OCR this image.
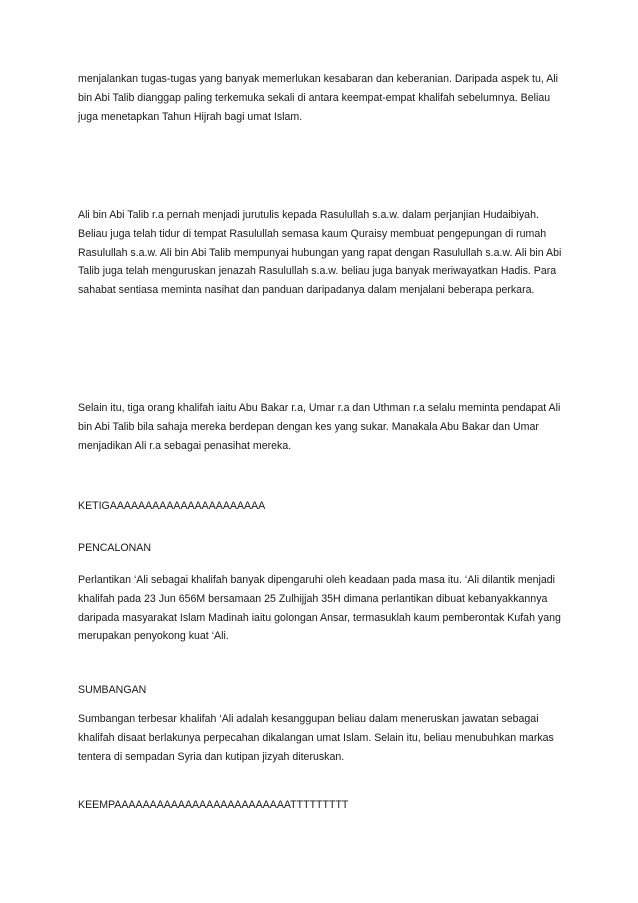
menjalankan tugas-tugas yang banyak memerlukan kesabaran dan keberanian. Daripada aspek tu, Ali bin Abi Talib dianggap paling terkemuka sekali di antara keempat-empat khalifah sebelumnya. Beliau juga menetapkan Tahun Hijrah bagi umat Islam.

Ali bin Abi Talib r.a pernah menjadi jurutulis kepada Rasulullah s.a.w. dalam perjanjian Hudaibiyah. Beliau juga telah tidur di tempat Rasulullah semasa kaum Quraisy membuat pengepungan di rumah Rasulullah s.a.w. Ali bin Abi Talib mempunyai hubungan yang rapat dengan Rasulullah s.a.w. Ali bin Abi Talib juga telah menguruskan jenazah Rasulullah s.a.w. beliau juga banyak meriwayatkan Hadis. Para sahabat sentiasa meminta nasihat dan panduan daripadanya dalam menjalani beberapa perkara.

Selain itu, tiga orang khalifah iaitu Abu Bakar r.a, Umar r.a dan Uthman r.a selalu meminta pendapat Ali bin Abi Talib bila sahaja mereka berdepan dengan kes yang sukar. Manakala Abu Bakar dan Umar menjadikan Ali r.a sebagai penasihat mereka.

KETIGAAAAAAAAAAAAAAAAAAAAAA

PENCALONAN

Perlantikan ‘Ali sebagai khalifah banyak dipengaruhi oleh keadaan pada masa itu. ‘Ali dilantik menjadi khalifah pada 23 Jun 656M bersamaan 25 Zulhijjah 35H dimana perlantikan dibuat kebanyakkannya daripada masyarakat Islam Madinah iaitu golongan Ansar, termasuklah kaum pemberontak Kufah yang merupakan penyokong kuat ‘Ali.

SUMBANGAN

Sumbangan terbesar khalifah ‘Ali adalah kesanggupan beliau dalam meneruskan jawatan sebagai khalifah disaat berlakunya perpecahan dikalangan umat Islam. Selain itu, beliau menubuhkan markas tentera di sempadan Syria dan kutipan jizyah diteruskan.

KEEMPAAAAAAAAAAAAAAAAAAAAAAAAATTTTTTTTT
